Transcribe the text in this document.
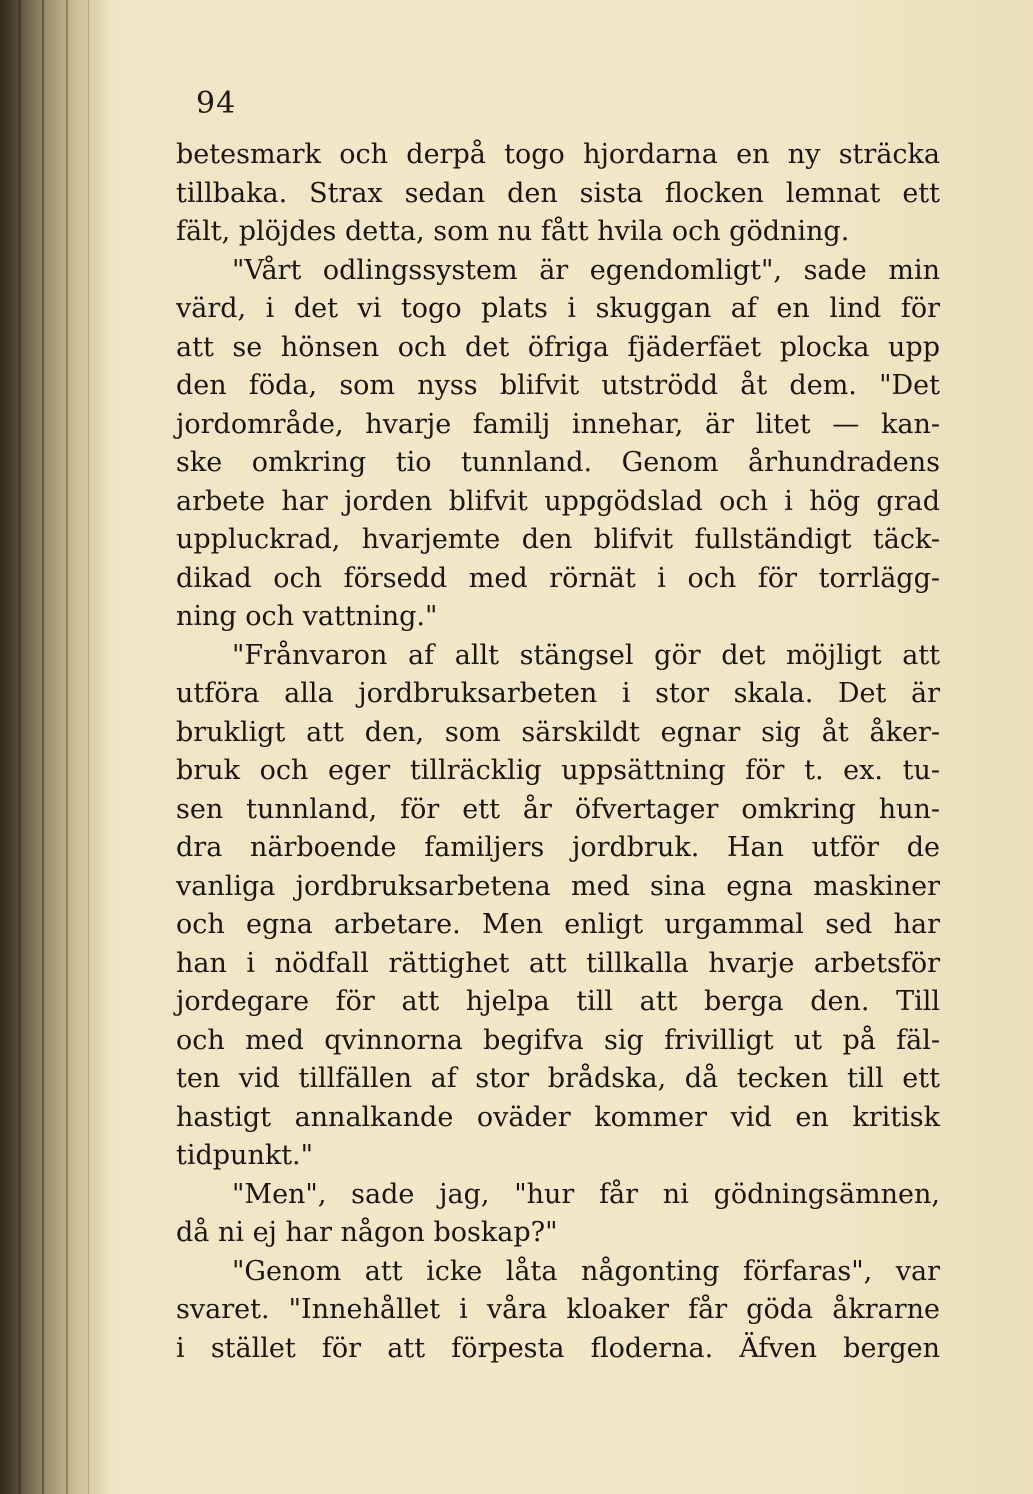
94
betesmark och derpå togo hjordarna en ny sträcka
tillbaka. Strax sedan den sista flocken lemnat ett
fält, plöjdes detta, som nu fått hvila och gödning.
"Vårt odlingssystem är egendomligt", sade min
värd, i det vi togo plats i skuggan af en lind för
att se hönsen och det öfriga fjäderfäet plocka upp
den föda, som nyss blifvit utströdd åt dem. "Det
jordområde, hvarje familj innehar, är litet — kan-
ske omkring tio tunnland. Genom århundradens
arbete har jorden blifvit uppgödslad och i hög grad
uppluckrad, hvarjemte den blifvit fullständigt täck-
dikad och försedd med rörnät i och för torrlägg-
ning och vattning."
"Frånvaron af allt stängsel gör det möjligt att
utföra alla jordbruksarbeten i stor skala. Det är
brukligt att den, som särskildt egnar sig åt åker-
bruk och eger tillräcklig uppsättning för t. ex. tu-
sen tunnland, för ett år öfvertager omkring hun-
dra närboende familjers jordbruk. Han utför de
vanliga jordbruksarbetena med sina egna maskiner
och egna arbetare. Men enligt urgammal sed har
han i nödfall rättighet att tillkalla hvarje arbetsför
jordegare för att hjelpa till att berga den. Till
och med qvinnorna begifva sig frivilligt ut på fäl-
ten vid tillfällen af stor brådska, då tecken till ett
hastigt annalkande oväder kommer vid en kritisk
tidpunkt."
"Men", sade jag, "hur får ni gödningsämnen,
då ni ej har någon boskap?"
"Genom att icke låta någonting förfaras", var
svaret. "Innehållet i våra kloaker får göda åkrarne
i stället för att förpesta floderna. Äfven bergen
